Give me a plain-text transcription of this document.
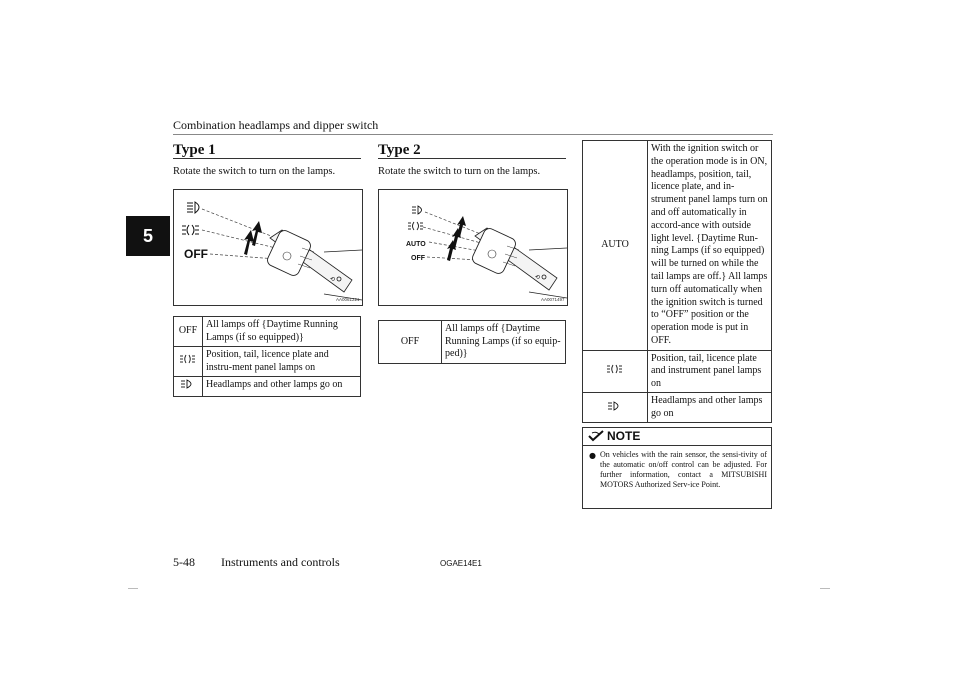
Combination headlamps and dipper switch
5
Type 1
Rotate the switch to turn on the lamps.
OFF
⟲
AA0061221
OFF	All lamps off {Daytime Running Lamps (if so equipped)}
	Position, tail, licence plate and instru-ment panel lamps on
	Headlamps and other lamps go on
Type 2
Rotate the switch to turn on the lamps.
AUTO
OFF
⟲
AA0071497
OFF	All lamps off {Daytime Running Lamps (if so equip-ped)}
AUTO	With the ignition switch or the operation mode is in ON, headlamps, position, tail, licence plate, and in-strument panel lamps turn on and off automatically in accord-ance with outside light level. {Daytime Run-ning Lamps (if so equipped) will be turned on while the tail lamps are off.} All lamps turn off automatically when the ignition switch is turned to “OFF” position or the operation mode is put in OFF.
	Position, tail, licence plate and instrument panel lamps on
	Headlamps and other lamps go on
NOTE
● On vehicles with the rain sensor, the sensi-tivity of the automatic on/off control can be adjusted. For further information, contact a MITSUBISHI MOTORS Authorized Serv-ice Point.
5-48 Instruments and controls	OGAE14E1
